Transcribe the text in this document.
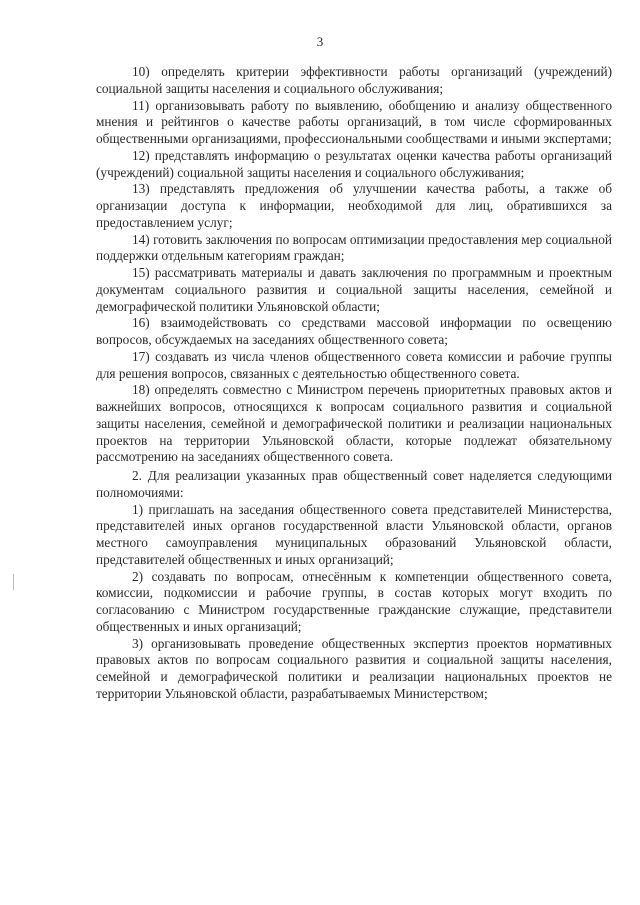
3

10) определять критерии эффективности работы организаций (учреждений) социальной защиты населения и социального обслуживания;

11) организовывать работу по выявлению, обобщению и анализу общественного мнения и рейтингов о качестве работы организаций, в том числе сформированных общественными организациями, профессиональными сообществами и иными экспертами;

12) представлять информацию о результатах оценки качества работы организаций (учреждений) социальной защиты населения и социального обслуживания;

13) представлять предложения об улучшении качества работы, а также об организации доступа к информации, необходимой для лиц, обратившихся за предоставлением услуг;

14) готовить заключения по вопросам оптимизации предоставления мер социальной поддержки отдельным категориям граждан;

15) рассматривать материалы и давать заключения по программным и проектным документам социального развития и социальной защиты населения, семейной и демографической политики Ульяновской области;

16) взаимодействовать со средствами массовой информации по освещению вопросов, обсуждаемых на заседаниях общественного совета;

17) создавать из числа членов общественного совета комиссии и рабочие группы для решения вопросов, связанных с деятельностью общественного совета.

18) определять совместно с Министром перечень приоритетных правовых актов и важнейших вопросов, относящихся к вопросам социального развития и социальной защиты населения, семейной и демографической политики и реализации национальных проектов на территории Ульяновской области, которые подлежат обязательному рассмотрению на заседаниях общественного совета.

2. Для реализации указанных прав общественный совет наделяется следующими полномочиями:

1) приглашать на заседания общественного совета представителей Министерства, представителей иных органов государственной власти Ульяновской области, органов местного самоуправления муниципальных образований Ульяновской области, представителей общественных и иных организаций;

2) создавать по вопросам, отнесённым к компетенции общественного совета, комиссии, подкомиссии и рабочие группы, в состав которых могут входить по согласованию с Министром государственные гражданские служащие, представители общественных и иных организаций;

3) организовывать проведение общественных экспертиз проектов нормативных правовых актов по вопросам социального развития и социальной защиты населения, семейной и демографической политики и реализации национальных проектов не территории Ульяновской области, разрабатываемых Министерством;
